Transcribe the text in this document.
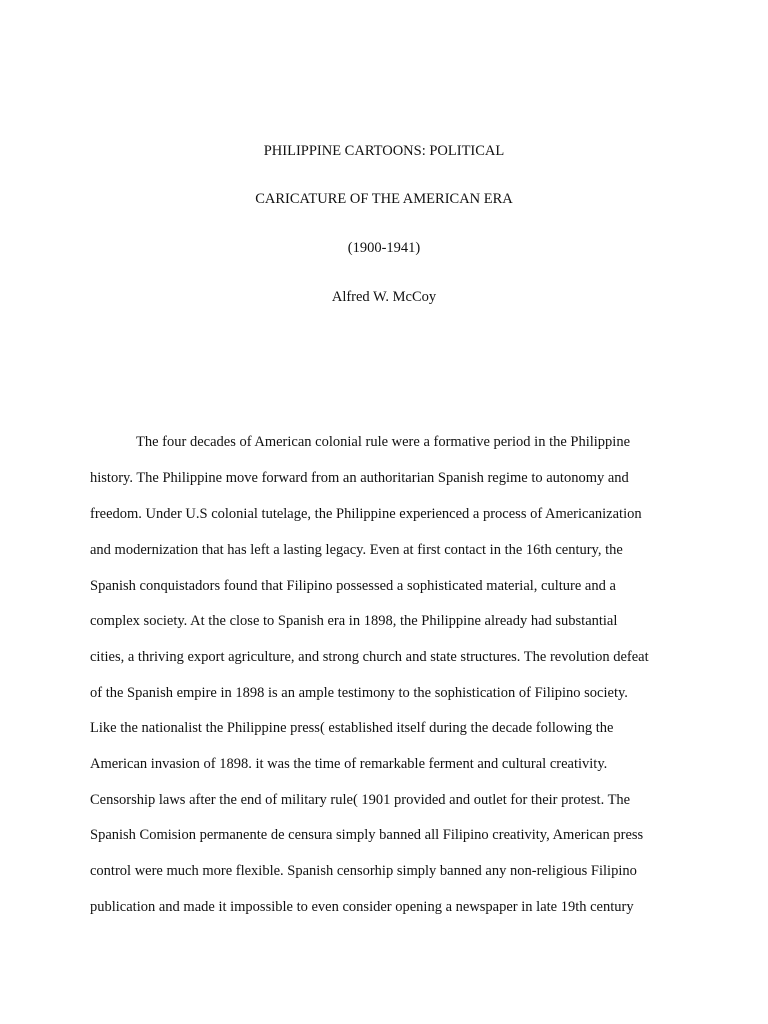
PHILIPPINE CARTOONS: POLITICAL
CARICATURE OF THE AMERICAN ERA
(1900-1941)
Alfred W. McCoy
The four decades of American colonial rule were a formative period in the Philippine
history. The Philippine move forward from an authoritarian Spanish regime to autonomy and
freedom. Under U.S colonial tutelage, the Philippine experienced a process of Americanization
and modernization that has left a lasting legacy. Even at first contact in the 16th century, the
Spanish conquistadors found that Filipino possessed a sophisticated material, culture and a
complex society. At the close to Spanish era in 1898, the Philippine already had substantial
cities, a thriving export agriculture, and strong church and state structures. The revolution defeat
of the Spanish empire in 1898 is an ample testimony to the sophistication of Filipino society.
Like the nationalist the Philippine press( established itself during the decade following the
American invasion of 1898. it was the time of remarkable ferment and cultural creativity.
Censorship laws after the end of military rule( 1901 provided and outlet for their protest. The
Spanish Comision permanente de censura simply banned all Filipino creativity, American press
control were much more flexible. Spanish censorhip simply banned any non-religious Filipino
publication and made it impossible to even consider opening a newspaper in late 19th century
